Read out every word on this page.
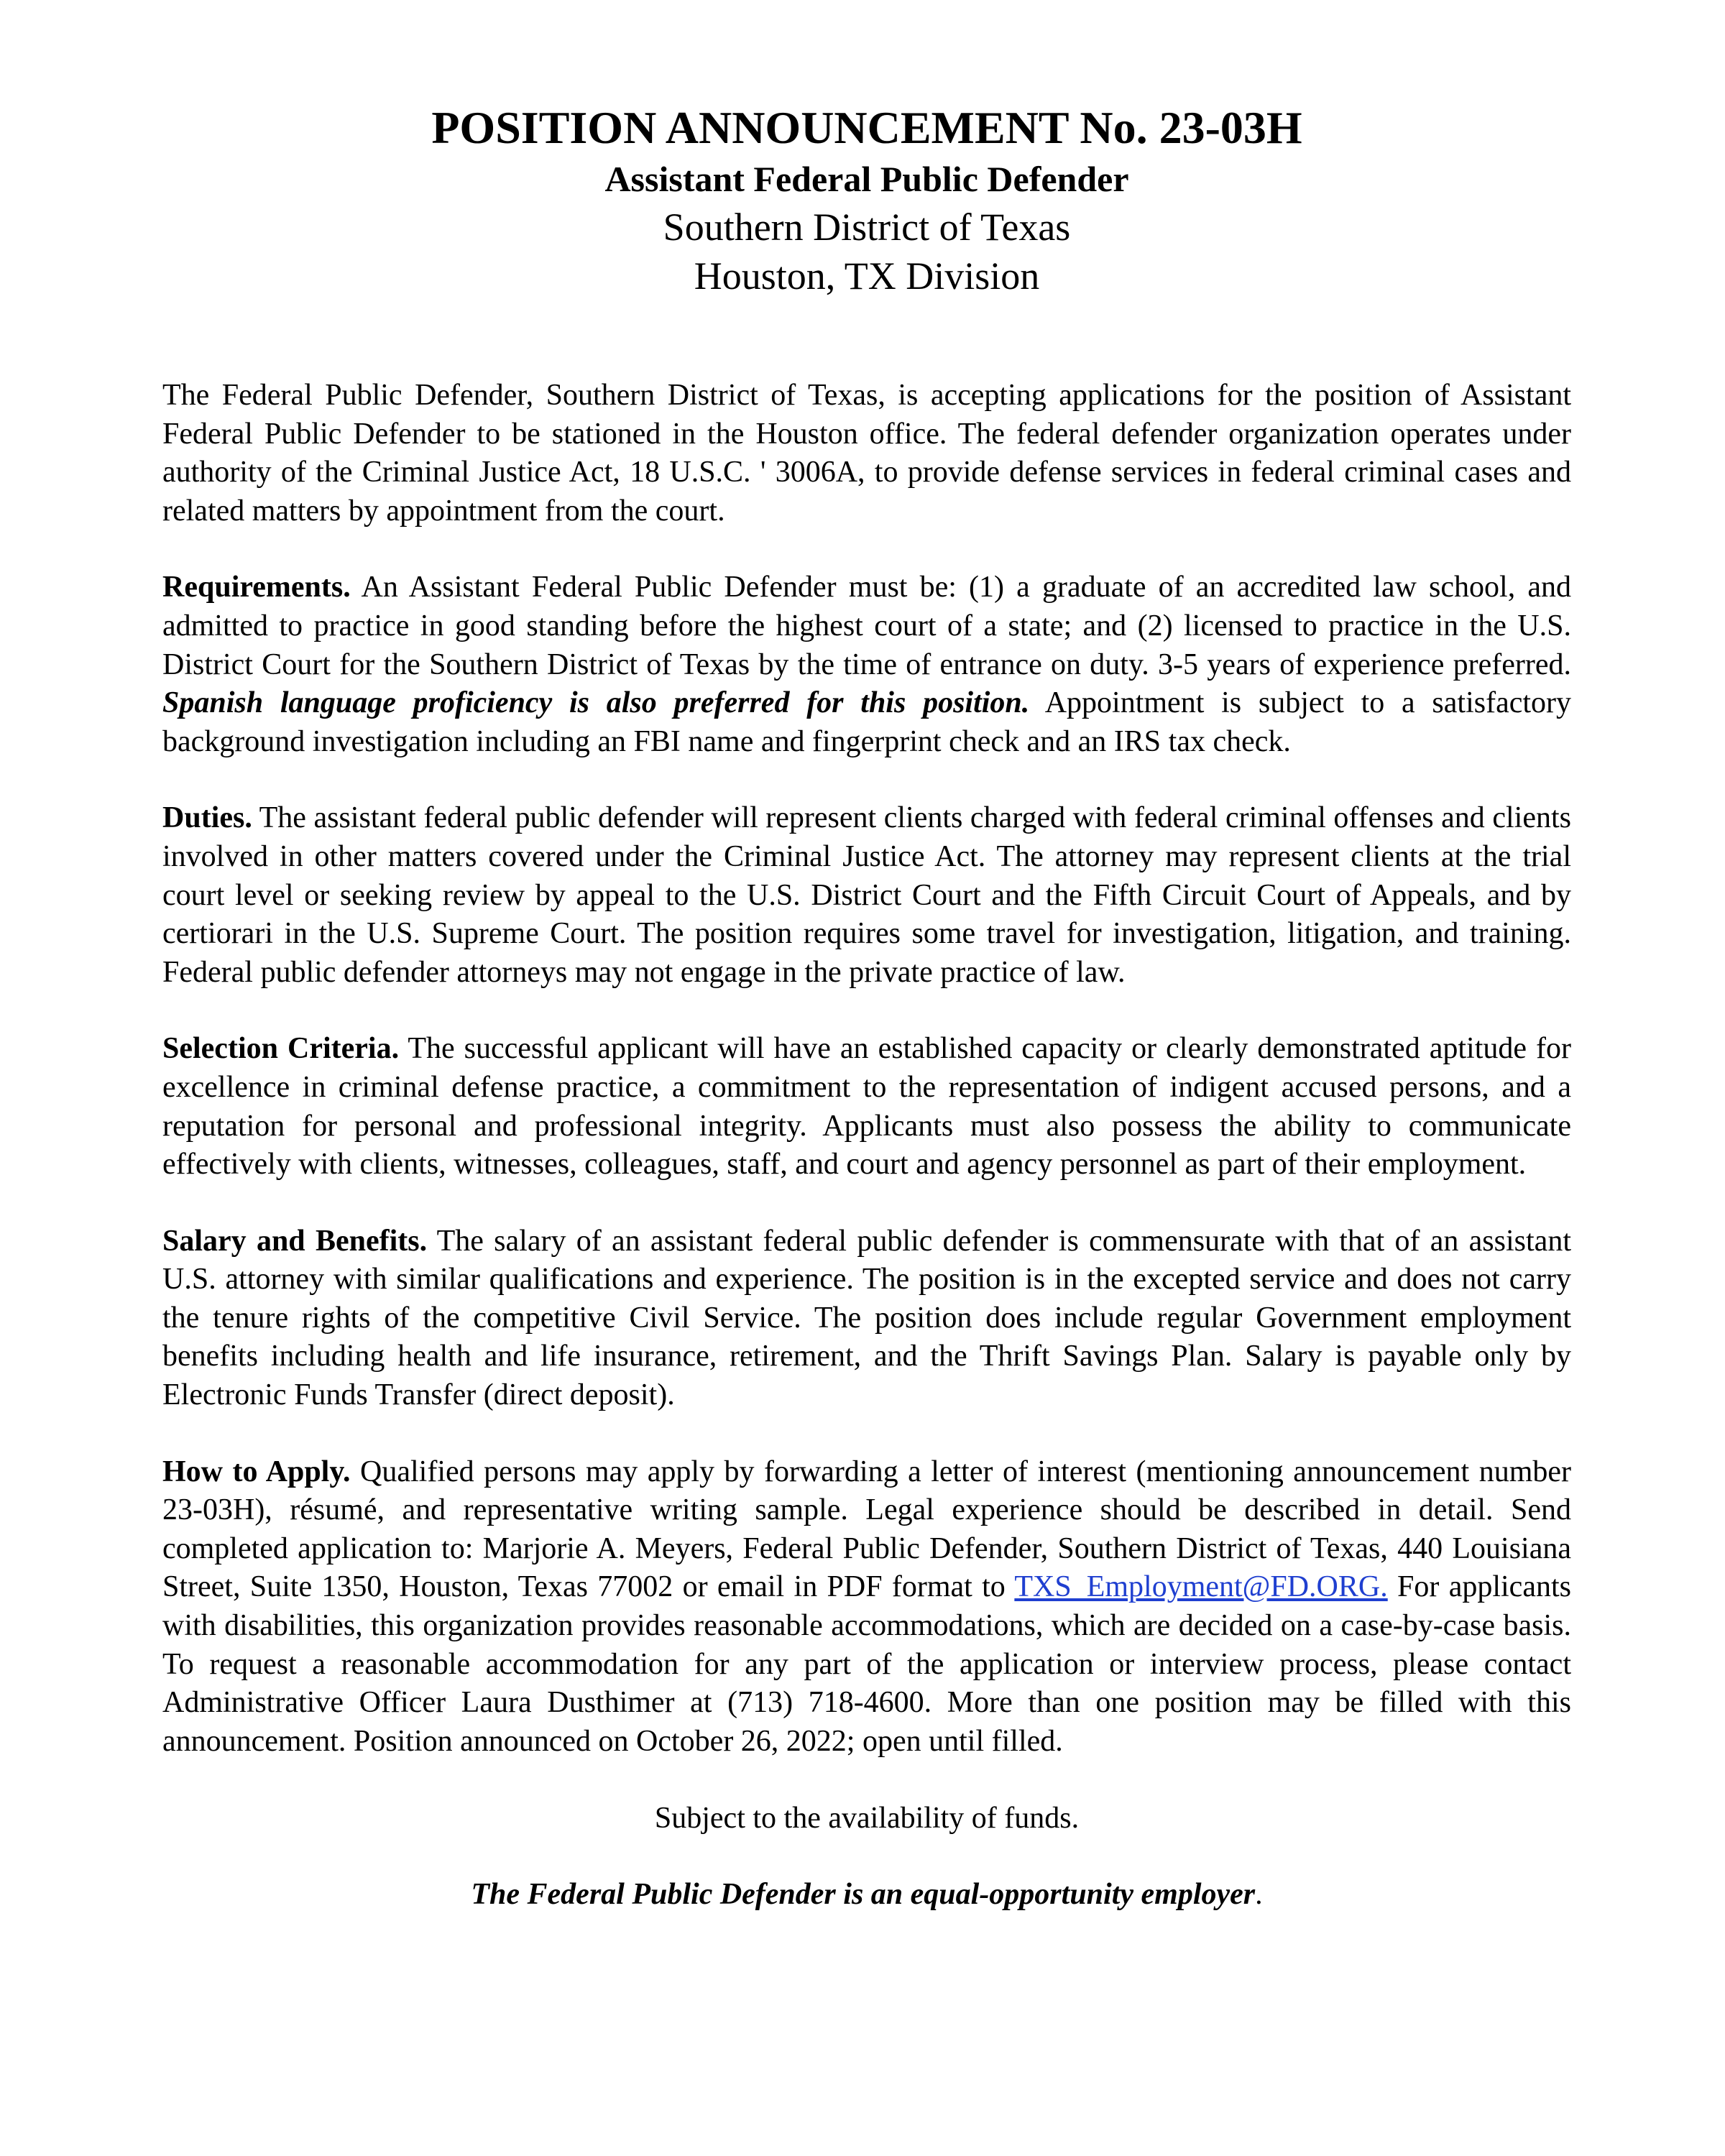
POSITION ANNOUNCEMENT No. 23-03H
Assistant Federal Public Defender
Southern District of Texas
Houston, TX Division

The Federal Public Defender, Southern District of Texas, is accepting applications for the position of Assistant Federal Public Defender to be stationed in the Houston office. The federal defender organization operates under authority of the Criminal Justice Act, 18 U.S.C. ' 3006A, to provide defense services in federal criminal cases and related matters by appointment from the court.

Requirements. An Assistant Federal Public Defender must be: (1) a graduate of an accredited law school, and admitted to practice in good standing before the highest court of a state; and (2) licensed to practice in the U.S. District Court for the Southern District of Texas by the time of entrance on duty. 3-5 years of experience preferred. Spanish language proficiency is also preferred for this position. Appointment is subject to a satisfactory background investigation including an FBI name and fingerprint check and an IRS tax check.

Duties. The assistant federal public defender will represent clients charged with federal criminal offenses and clients involved in other matters covered under the Criminal Justice Act. The attorney may represent clients at the trial court level or seeking review by appeal to the U.S. District Court and the Fifth Circuit Court of Appeals, and by certiorari in the U.S. Supreme Court. The position requires some travel for investigation, litigation, and training. Federal public defender attorneys may not engage in the private practice of law.

Selection Criteria. The successful applicant will have an established capacity or clearly demonstrated aptitude for excellence in criminal defense practice, a commitment to the representation of indigent accused persons, and a reputation for personal and professional integrity. Applicants must also possess the ability to communicate effectively with clients, witnesses, colleagues, staff, and court and agency personnel as part of their employment.

Salary and Benefits. The salary of an assistant federal public defender is commensurate with that of an assistant U.S. attorney with similar qualifications and experience. The position is in the excepted service and does not carry the tenure rights of the competitive Civil Service. The position does include regular Government employment benefits including health and life insurance, retirement, and the Thrift Savings Plan. Salary is payable only by Electronic Funds Transfer (direct deposit).

How to Apply. Qualified persons may apply by forwarding a letter of interest (mentioning announcement number 23-03H), résumé, and representative writing sample. Legal experience should be described in detail. Send completed application to: Marjorie A. Meyers, Federal Public Defender, Southern District of Texas, 440 Louisiana Street, Suite 1350, Houston, Texas 77002 or email in PDF format to TXS_Employment@FD.ORG. For applicants with disabilities, this organization provides reasonable accommodations, which are decided on a case-by-case basis. To request a reasonable accommodation for any part of the application or interview process, please contact Administrative Officer Laura Dusthimer at (713) 718-4600. More than one position may be filled with this announcement. Position announced on October 26, 2022; open until filled.

Subject to the availability of funds.

The Federal Public Defender is an equal-opportunity employer.
